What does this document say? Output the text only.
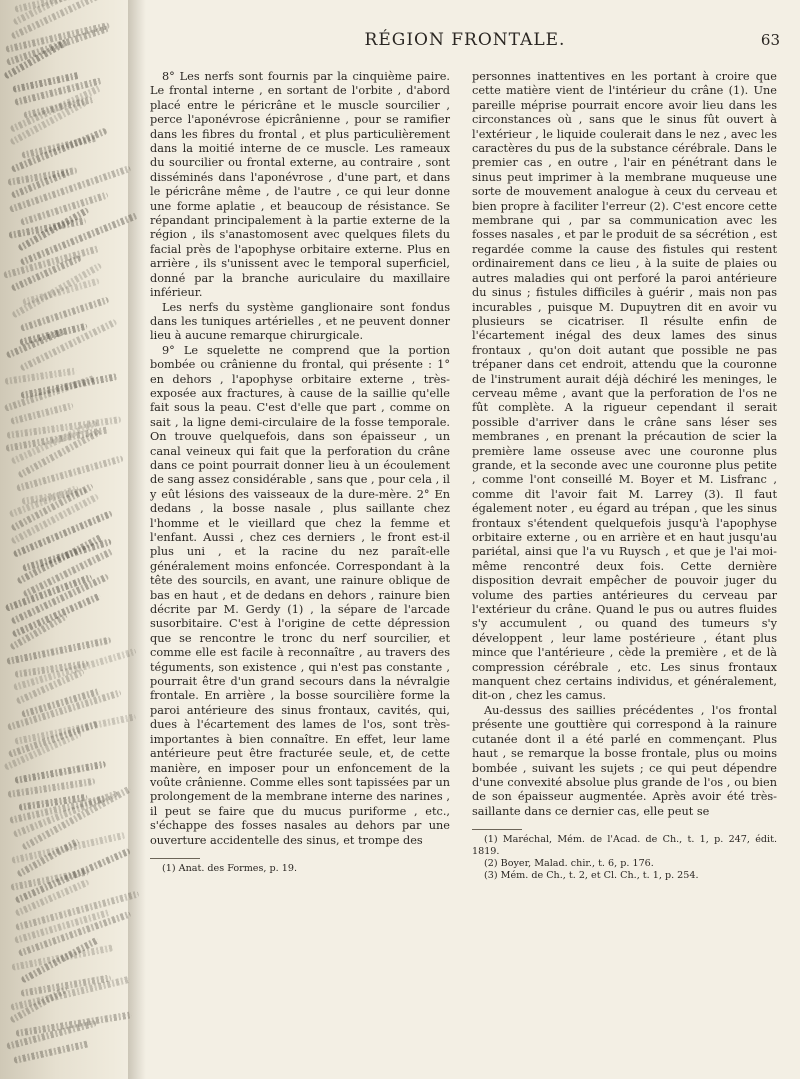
RÉGION FRONTALE.	63

8° Les nerfs sont fournis par la cinquième paire. Le frontal interne , en sortant de l'orbite , d'abord placé entre le péricrâne et le muscle sourcilier , perce l'aponévrose épicrânienne , pour se ramifier dans les fibres du frontal , et plus particulièrement dans la moitié interne de ce muscle. Les rameaux du sourcilier ou frontal externe, au contraire , sont disséminés dans l'aponévrose , d'une part, et dans le péricrâne même , de l'autre , ce qui leur donne une forme aplatie , et beaucoup de résistance. Se répandant principalement à la partie externe de la région , ils s'anastomosent avec quelques filets du facial près de l'apophyse orbitaire externe. Plus en arrière , ils s'unissent avec le temporal superficiel, donné par la branche auriculaire du maxillaire inférieur.

Les nerfs du système ganglionaire sont fondus dans les tuniques artérielles , et ne peuvent donner lieu à aucune remarque chirurgicale.

9° Le squelette ne comprend que la portion bombée ou crânienne du frontal, qui présente : 1° en dehors , l'apophyse orbitaire externe , très-exposée aux fractures, à cause de la saillie qu'elle fait sous la peau. C'est d'elle que part , comme on sait , la ligne demi-circulaire de la fosse temporale. On trouve quelquefois, dans son épaisseur , un canal veineux qui fait que la perforation du crâne dans ce point pourrait donner lieu à un écoulement de sang assez considérable , sans que , pour cela , il y eût lésions des vaisseaux de la dure-mère. 2° En dedans , la bosse nasale , plus saillante chez l'homme et le vieillard que chez la femme et l'enfant. Aussi , chez ces derniers , le front est-il plus uni , et la racine du nez paraît-elle généralement moins enfoncée. Correspondant à la tête des sourcils, en avant, une rainure oblique de bas en haut , et de dedans en dehors , rainure bien décrite par M. Gerdy (1) , la sépare de l'arcade susorbitaire. C'est à l'origine de cette dépression que se rencontre le tronc du nerf sourcilier, et comme elle est facile à reconnaître , au travers des téguments, son existence , qui n'est pas constante , pourrait être d'un grand secours dans la névralgie frontale. En arrière , la bosse sourcilière forme la paroi antérieure des sinus frontaux, cavités, qui, dues à l'écartement des lames de l'os, sont très-importantes à bien connaître. En effet, leur lame antérieure peut être fracturée seule, et, de cette manière, en imposer pour un enfoncement de la voûte crânienne. Comme elles sont tapissées par un prolongement de la membrane interne des narines , il peut se faire que du mucus puriforme , etc., s'échappe des fosses nasales au dehors par une ouverture accidentelle des sinus, et trompe des

(1) Anat. des Formes, p. 19.

personnes inattentives en les portant à croire que cette matière vient de l'intérieur du crâne (1). Une pareille méprise pourrait encore avoir lieu dans les circonstances où , sans que le sinus fût ouvert à l'extérieur , le liquide coulerait dans le nez , avec les caractères du pus de la substance cérébrale. Dans le premier cas , en outre , l'air en pénétrant dans le sinus peut imprimer à la membrane muqueuse une sorte de mouvement analogue à ceux du cerveau et bien propre à faciliter l'erreur (2). C'est encore cette membrane qui , par sa communication avec les fosses nasales , et par le produit de sa sécrétion , est regardée comme la cause des fistules qui restent ordinairement dans ce lieu , à la suite de plaies ou autres maladies qui ont perforé la paroi antérieure du sinus ; fistules difficiles à guérir , mais non pas incurables , puisque M. Dupuytren dit en avoir vu plusieurs se cicatriser. Il résulte enfin de l'écartement inégal des deux lames des sinus frontaux , qu'on doit autant que possible ne pas trépaner dans cet endroit, attendu que la couronne de l'instrument aurait déjà déchiré les meninges, le cerveau même , avant que la perforation de l'os ne fût complète. A la rigueur cependant il serait possible d'arriver dans le crâne sans léser ses membranes , en prenant la précaution de scier la première lame osseuse avec une couronne plus grande, et la seconde avec une couronne plus petite , comme l'ont conseillé M. Boyer et M. Lisfranc , comme dit l'avoir fait M. Larrey (3). Il faut également noter , eu égard au trépan , que les sinus frontaux s'étendent quelquefois jusqu'à l'apophyse orbitaire externe , ou en arrière et en haut jusqu'au pariétal, ainsi que l'a vu Ruysch , et que je l'ai moi-même rencontré deux fois. Cette dernière disposition devrait empêcher de pouvoir juger du volume des parties antérieures du cerveau par l'extérieur du crâne. Quand le pus ou autres fluides s'y accumulent , ou quand des tumeurs s'y développent , leur lame postérieure , étant plus mince que l'antérieure , cède la première , et de là compression cérébrale , etc. Les sinus frontaux manquent chez certains individus, et généralement, dit-on , chez les camus.

Au-dessus des saillies précédentes , l'os frontal présente une gouttière qui correspond à la rainure cutanée dont il a été parlé en commençant. Plus haut , se remarque la bosse frontale, plus ou moins bombée , suivant les sujets ; ce qui peut dépendre d'une convexité absolue plus grande de l'os , ou bien de son épaisseur augmentée. Après avoir été très-saillante dans ce dernier cas, elle peut se

(1) Maréchal, Mém. de l'Acad. de Ch., t. 1, p. 247, édit. 1819.
(2) Boyer, Malad. chir., t. 6, p. 176.
(3) Mém. de Ch., t. 2, et Cl. Ch., t. 1, p. 254.
